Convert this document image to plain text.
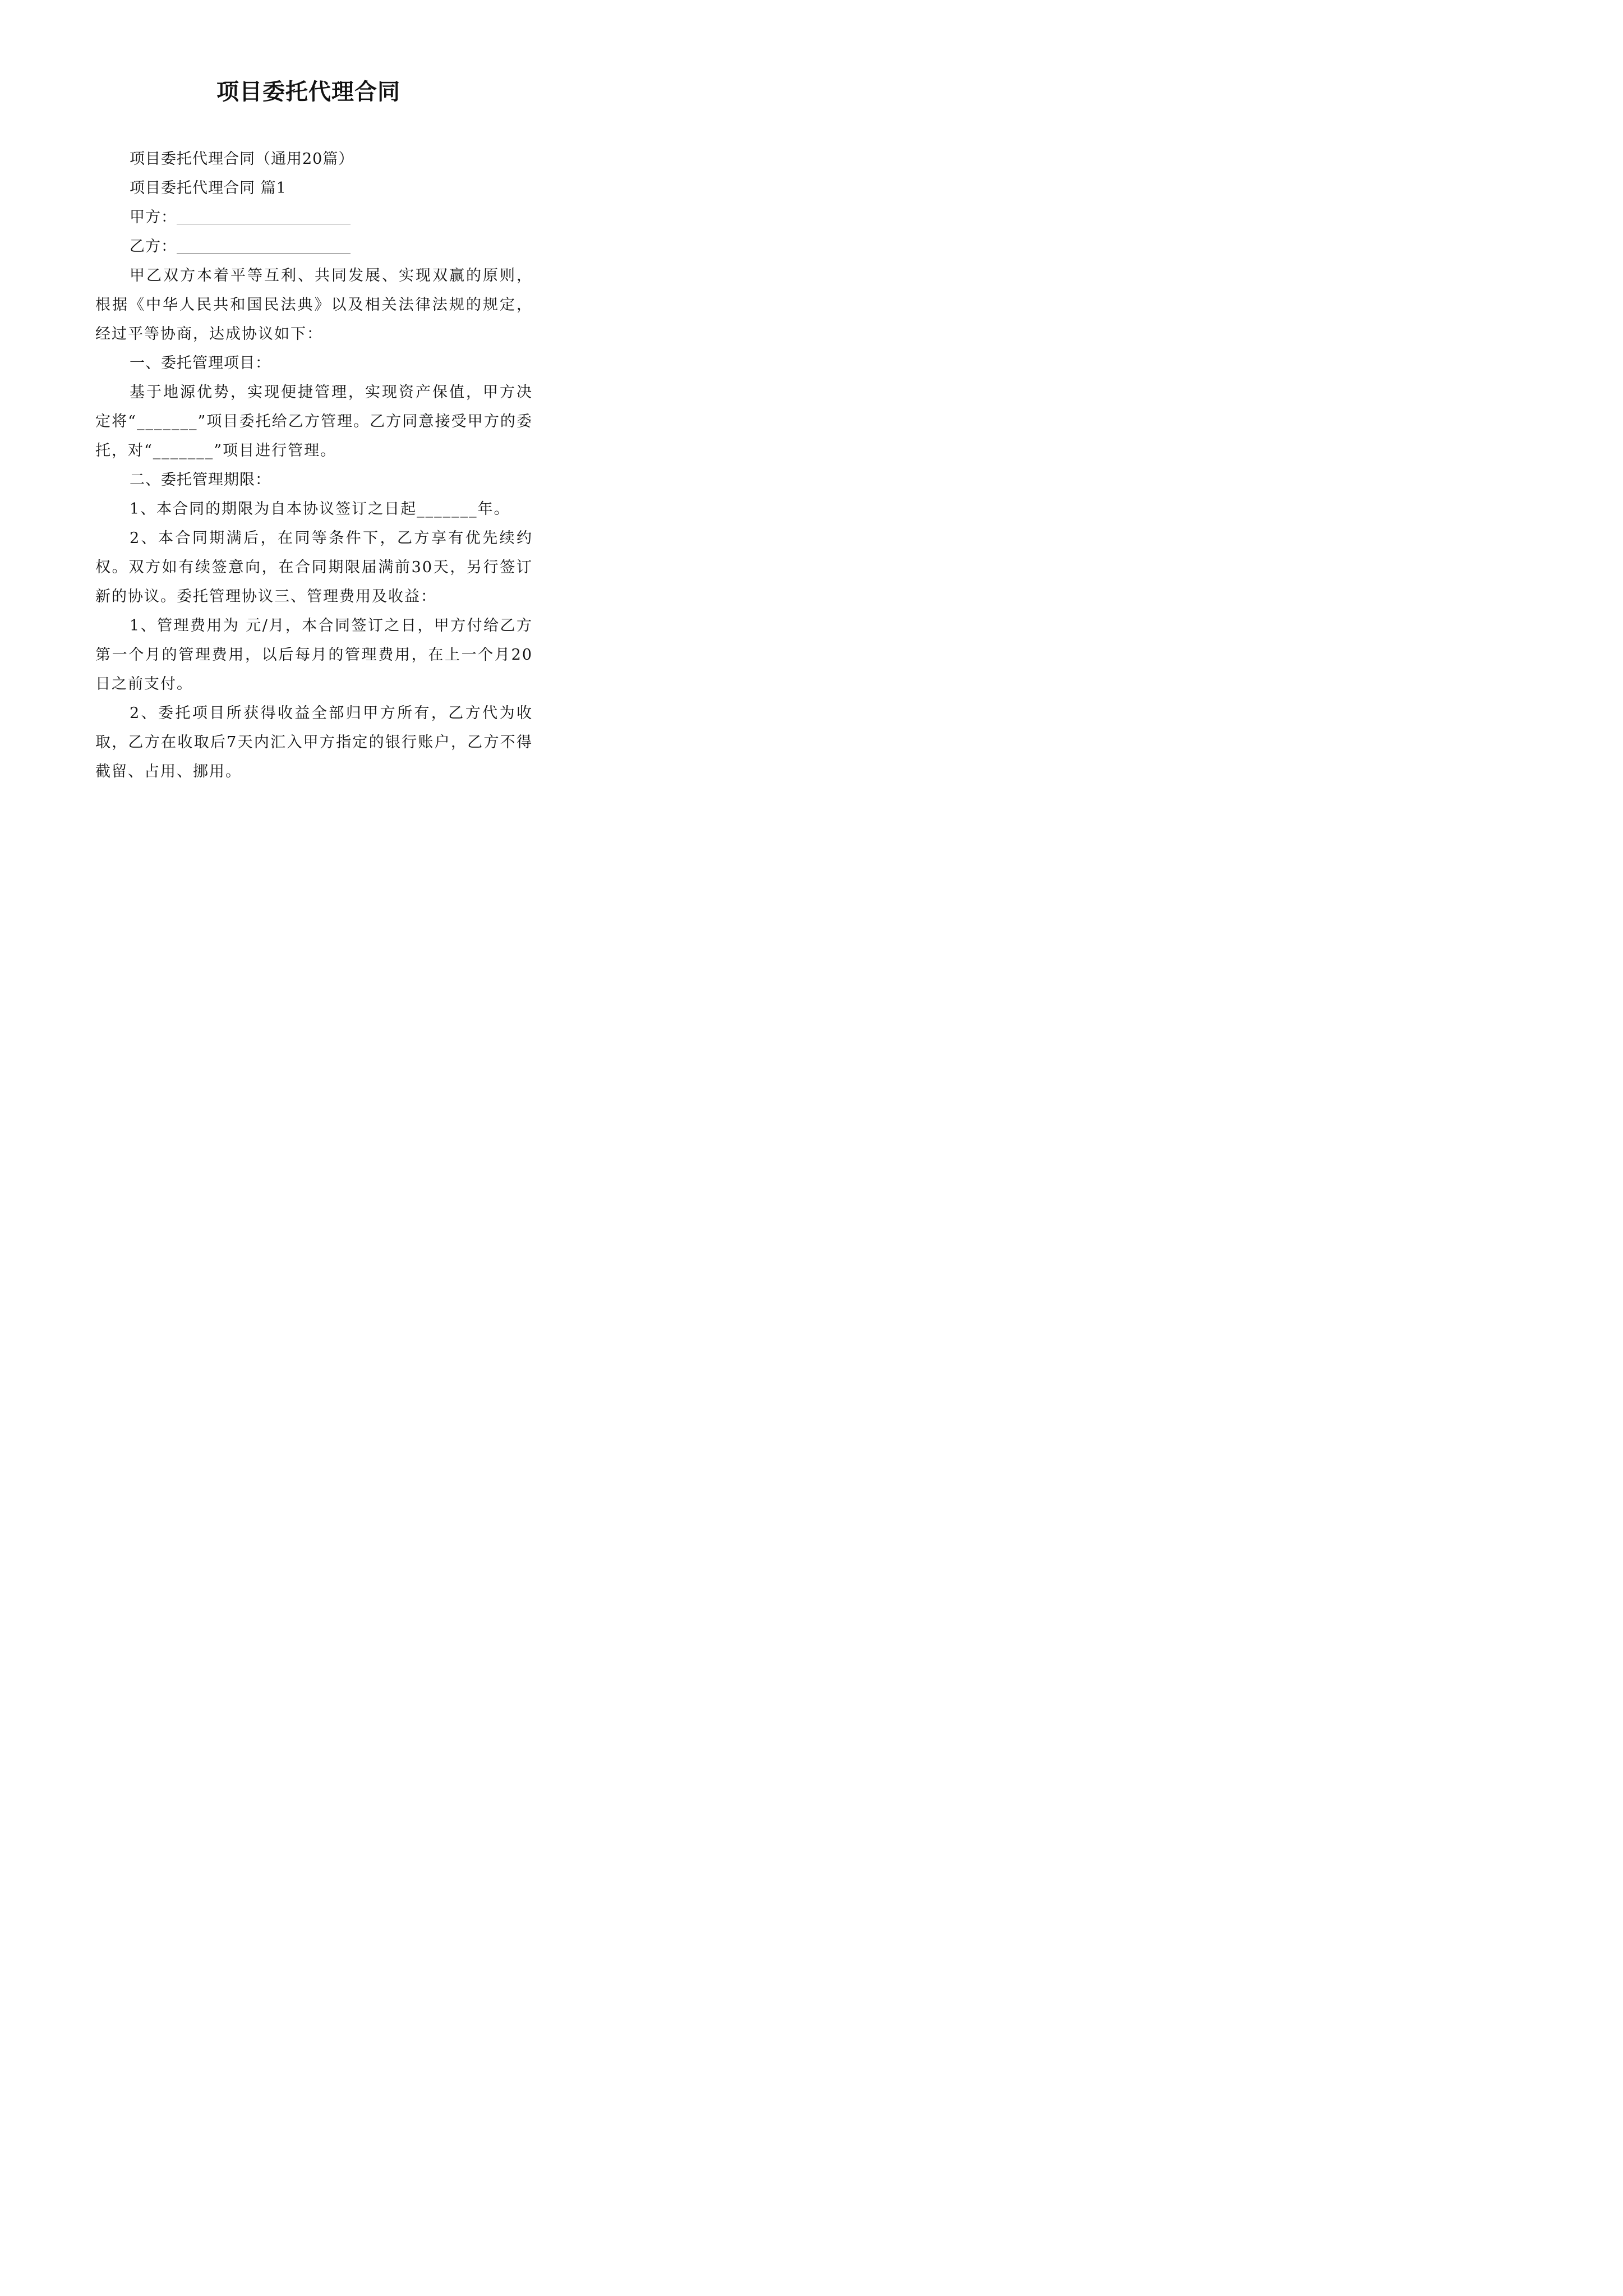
项目委托代理合同
项目委托代理合同（通用20篇）
项目委托代理合同 篇1
甲方：
乙方：
甲乙双方本着平等互利、共同发展、实现双赢的原则，根据《中华人民共和国民法典》以及相关法律法规的规定，经过平等协商，达成协议如下：
一、委托管理项目：
基于地源优势，实现便捷管理，实现资产保值，甲方决定将“_______”项目委托给乙方管理。乙方同意接受甲方的委托，对“_______”项目进行管理。
二、委托管理期限：
1、本合同的期限为自本协议签订之日起_______年。
2、本合同期满后，在同等条件下，乙方享有优先续约权。双方如有续签意向，在合同期限届满前30天，另行签订新的协议。委托管理协议三、管理费用及收益：
1、管理费用为 元/月，本合同签订之日，甲方付给乙方第一个月的管理费用，以后每月的管理费用，在上一个月20日之前支付。
2、委托项目所获得收益全部归甲方所有，乙方代为收取，乙方在收取后7天内汇入甲方指定的银行账户，乙方不得截留、占用、挪用。
